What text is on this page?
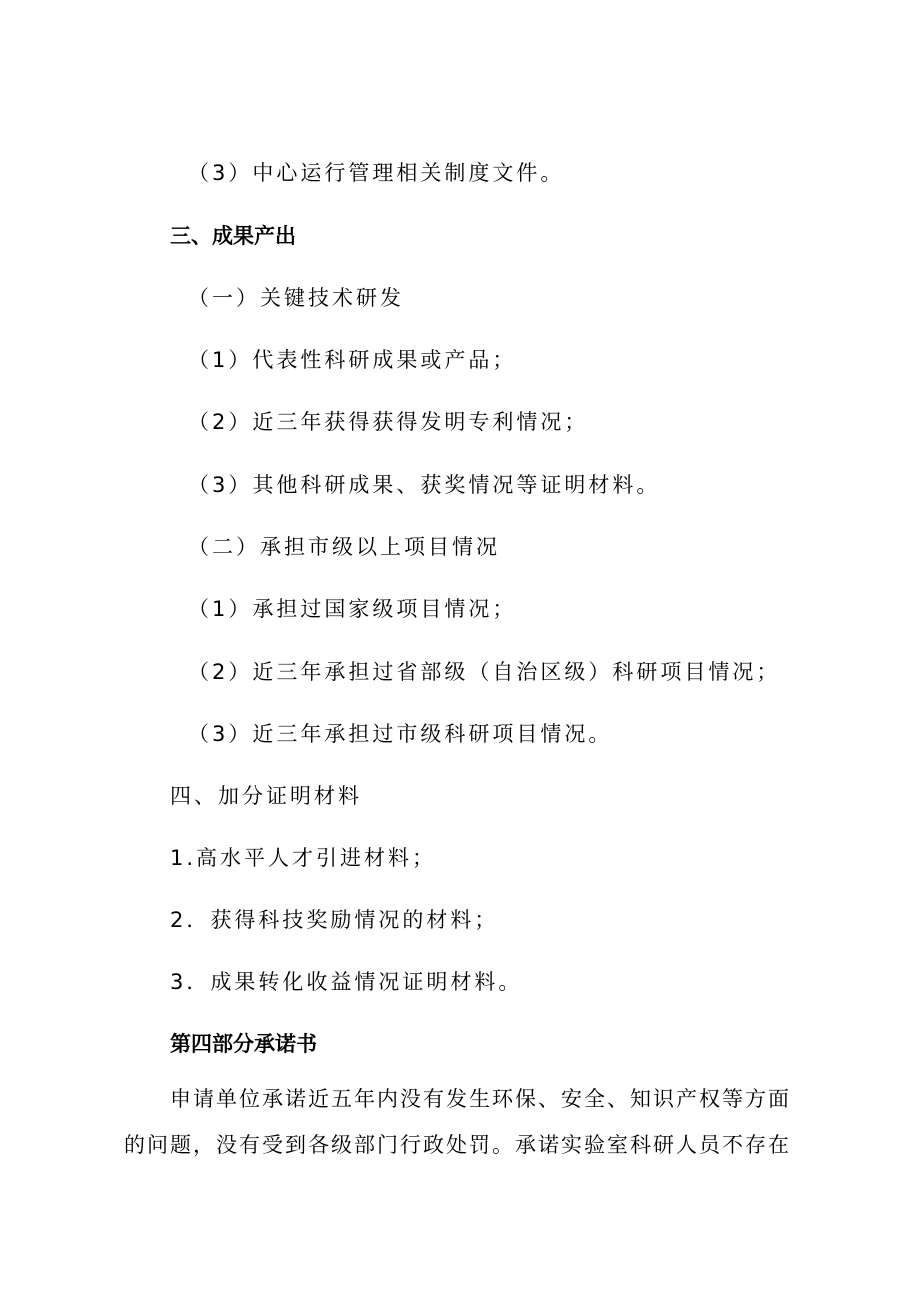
（3）中心运行管理相关制度文件。

三、成果产出

（一）关键技术研发

（1）代表性科研成果或产品；

（2）近三年获得获得发明专利情况；

（3）其他科研成果、获奖情况等证明材料。

（二）承担市级以上项目情况

（1）承担过国家级项目情况；

（2）近三年承担过省部级（自治区级）科研项目情况；

（3）近三年承担过市级科研项目情况。

四、加分证明材料

1.高水平人才引进材料；

2．获得科技奖励情况的材料；

3．成果转化收益情况证明材料。

第四部分承诺书

申请单位承诺近五年内没有发生环保、安全、知识产权等方面

的问题，没有受到各级部门行政处罚。承诺实验室科研人员不存在
